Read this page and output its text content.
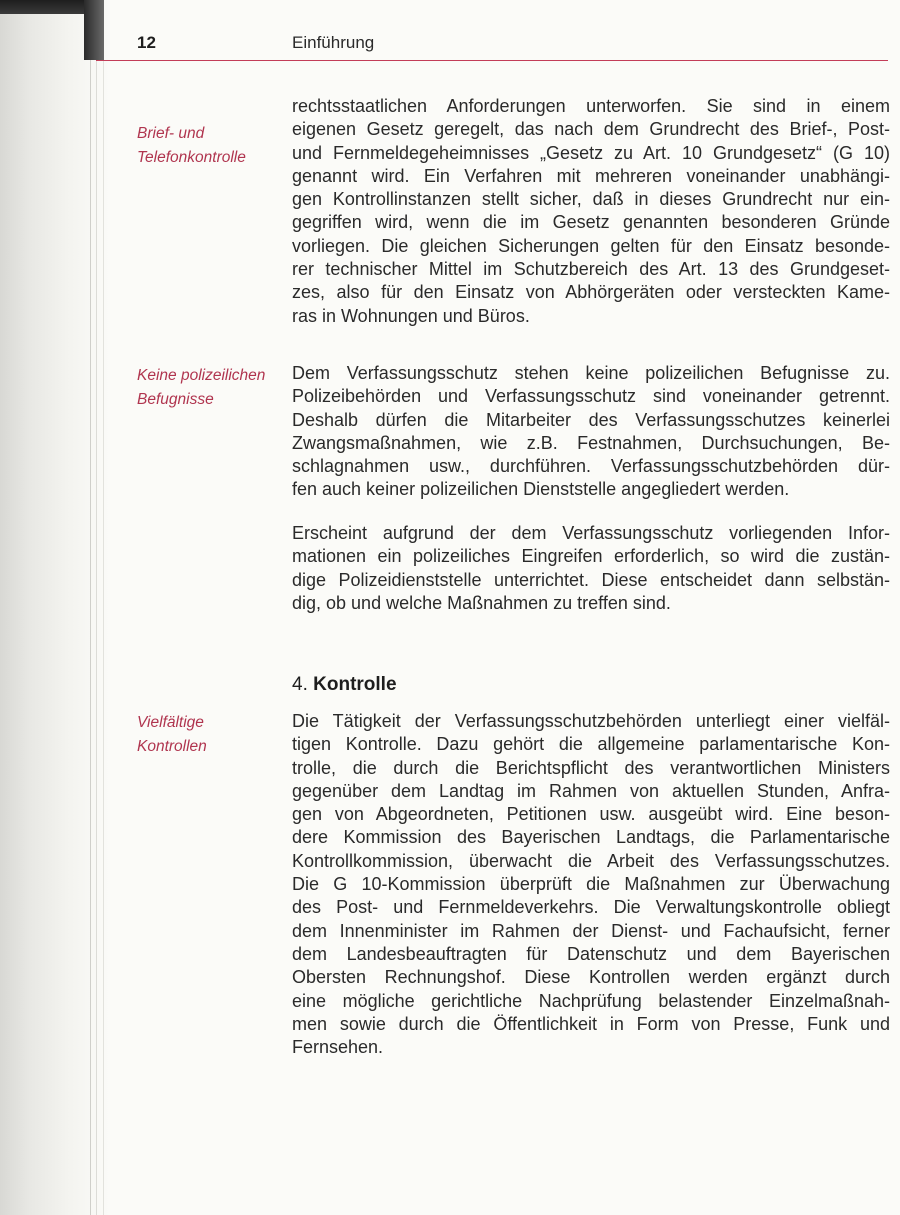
12	Einführung
Brief- und
Telefonkontrolle
Keine polizeilichen
Befugnisse
Vielfältige
Kontrollen
rechtsstaatlichen Anforderungen unterworfen. Sie sind in einem
eigenen Gesetz geregelt, das nach dem Grundrecht des Brief-, Post-
und Fernmeldegeheimnisses „Gesetz zu Art. 10 Grundgesetz“ (G 10)
genannt wird. Ein Verfahren mit mehreren voneinander unabhängi-
gen Kontrollinstanzen stellt sicher, daß in dieses Grundrecht nur ein-
gegriffen wird, wenn die im Gesetz genannten besonderen Gründe
vorliegen. Die gleichen Sicherungen gelten für den Einsatz besonde-
rer technischer Mittel im Schutzbereich des Art. 13 des Grundgeset-
zes, also für den Einsatz von Abhörgeräten oder versteckten Kame-
ras in Wohnungen und Büros.
Dem Verfassungsschutz stehen keine polizeilichen Befugnisse zu.
Polizeibehörden und Verfassungsschutz sind voneinander getrennt.
Deshalb dürfen die Mitarbeiter des Verfassungsschutzes keinerlei
Zwangsmaßnahmen, wie z.B. Festnahmen, Durchsuchungen, Be-
schlagnahmen usw., durchführen. Verfassungsschutzbehörden dür-
fen auch keiner polizeilichen Dienststelle angegliedert werden.
Erscheint aufgrund der dem Verfassungsschutz vorliegenden Infor-
mationen ein polizeiliches Eingreifen erforderlich, so wird die zustän-
dige Polizeidienststelle unterrichtet. Diese entscheidet dann selbstän-
dig, ob und welche Maßnahmen zu treffen sind.
4. Kontrolle
Die Tätigkeit der Verfassungsschutzbehörden unterliegt einer vielfäl-
tigen Kontrolle. Dazu gehört die allgemeine parlamentarische Kon-
trolle, die durch die Berichtspflicht des verantwortlichen Ministers
gegenüber dem Landtag im Rahmen von aktuellen Stunden, Anfra-
gen von Abgeordneten, Petitionen usw. ausgeübt wird. Eine beson-
dere Kommission des Bayerischen Landtags, die Parlamentarische
Kontrollkommission, überwacht die Arbeit des Verfassungsschutzes.
Die G 10-Kommission überprüft die Maßnahmen zur Überwachung
des Post- und Fernmeldeverkehrs. Die Verwaltungskontrolle obliegt
dem Innenminister im Rahmen der Dienst- und Fachaufsicht, ferner
dem Landesbeauftragten für Datenschutz und dem Bayerischen
Obersten Rechnungshof. Diese Kontrollen werden ergänzt durch
eine mögliche gerichtliche Nachprüfung belastender Einzelmaßnah-
men sowie durch die Öffentlichkeit in Form von Presse, Funk und
Fernsehen.
